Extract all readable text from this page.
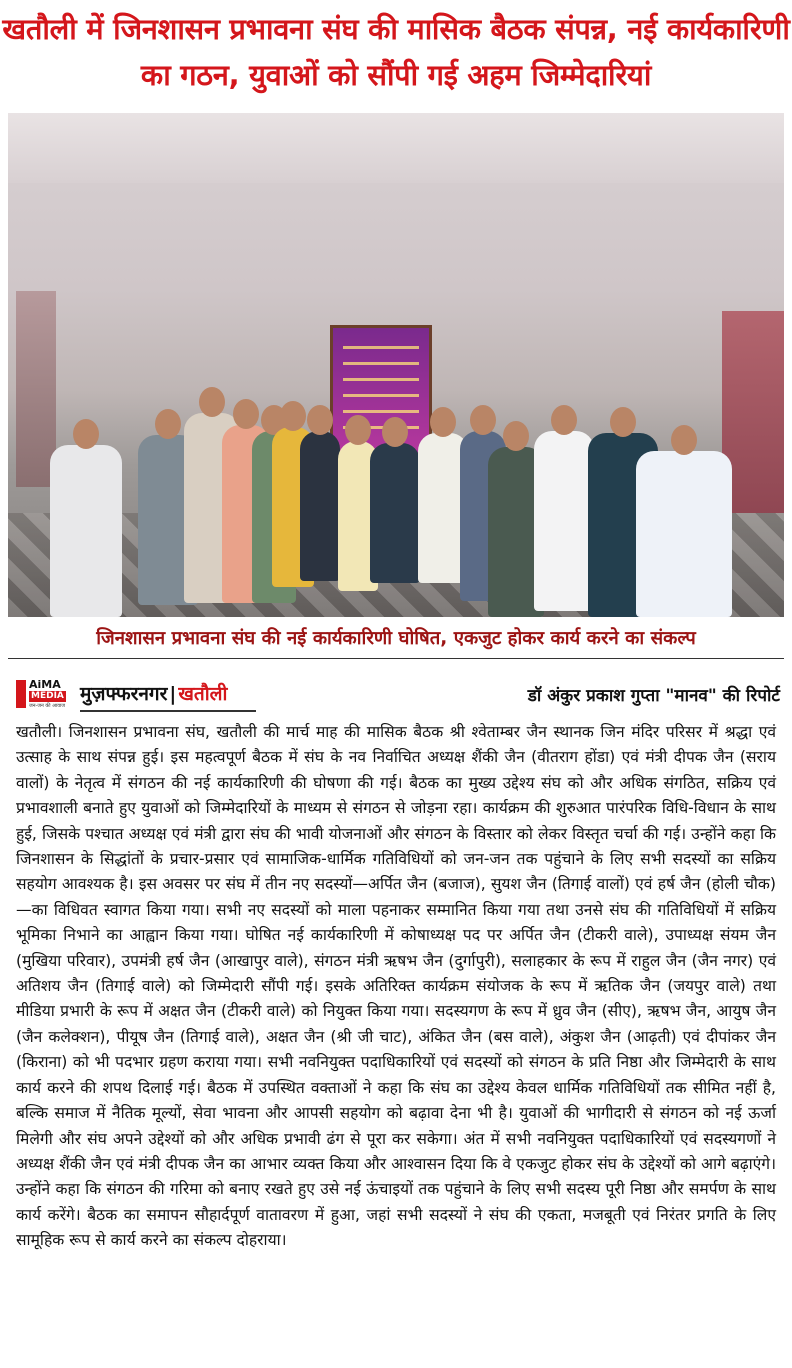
खतौली में जिनशासन प्रभावना संघ की मासिक बैठक संपन्न, नई कार्यकारिणी का गठन, युवाओं को सौंपी गई अहम जिम्मेदारियां
जिनशासन प्रभावना संघ की नई कार्यकारिणी घोषित, एकजुट होकर कार्य करने का संकल्प
AiMA
MEDIA
जन-जन की आवाज
मुज़फ्फरनगर | खतौली	डॉ अंकुर प्रकाश गुप्ता "मानव" की रिपोर्ट
खतौली। जिनशासन प्रभावना संघ, खतौली की मार्च माह की मासिक बैठक श्री श्वेताम्बर जैन स्थानक जिन मंदिर परिसर में श्रद्धा एवं उत्साह के साथ संपन्न हुई। इस महत्वपूर्ण बैठक में संघ के नव निर्वाचित अध्यक्ष शैंकी जैन (वीतराग होंडा) एवं मंत्री दीपक जैन (सराय वालों) के नेतृत्व में संगठन की नई कार्यकारिणी की घोषणा की गई। बैठक का मुख्य उद्देश्य संघ को और अधिक संगठित, सक्रिय एवं प्रभावशाली बनाते हुए युवाओं को जिम्मेदारियों के माध्यम से संगठन से जोड़ना रहा। कार्यक्रम की शुरुआत पारंपरिक विधि-विधान के साथ हुई, जिसके पश्चात अध्यक्ष एवं मंत्री द्वारा संघ की भावी योजनाओं और संगठन के विस्तार को लेकर विस्तृत चर्चा की गई। उन्होंने कहा कि जिनशासन के सिद्धांतों के प्रचार-प्रसार एवं सामाजिक-धार्मिक गतिविधियों को जन-जन तक पहुंचाने के लिए सभी सदस्यों का सक्रिय सहयोग आवश्यक है। इस अवसर पर संघ में तीन नए सदस्यों—अर्पित जैन (बजाज), सुयश जैन (तिगाई वालों) एवं हर्ष जैन (होली चौक)—का विधिवत स्वागत किया गया। सभी नए सदस्यों को माला पहनाकर सम्मानित किया गया तथा उनसे संघ की गतिविधियों में सक्रिय भूमिका निभाने का आह्वान किया गया। घोषित नई कार्यकारिणी में कोषाध्यक्ष पद पर अर्पित जैन (टीकरी वाले), उपाध्यक्ष संयम जैन (मुखिया परिवार), उपमंत्री हर्ष जैन (आखापुर वाले), संगठन मंत्री ऋषभ जैन (दुर्गापुरी), सलाहकार के रूप में राहुल जैन (जैन नगर) एवं अतिशय जैन (तिगाई वाले) को जिम्मेदारी सौंपी गई। इसके अतिरिक्त कार्यक्रम संयोजक के रूप में ऋतिक जैन (जयपुर वाले) तथा मीडिया प्रभारी के रूप में अक्षत जैन (टीकरी वाले) को नियुक्त किया गया। सदस्यगण के रूप में ध्रुव जैन (सीए), ऋषभ जैन, आयुष जैन (जैन कलेक्शन), पीयूष जैन (तिगाई वाले), अक्षत जैन (श्री जी चाट), अंकित जैन (बस वाले), अंकुश जैन (आढ़ती) एवं दीपांकर जैन (किराना) को भी पदभार ग्रहण कराया गया। सभी नवनियुक्त पदाधिकारियों एवं सदस्यों को संगठन के प्रति निष्ठा और जिम्मेदारी के साथ कार्य करने की शपथ दिलाई गई। बैठक में उपस्थित वक्ताओं ने कहा कि संघ का उद्देश्य केवल धार्मिक गतिविधियों तक सीमित नहीं है, बल्कि समाज में नैतिक मूल्यों, सेवा भावना और आपसी सहयोग को बढ़ावा देना भी है। युवाओं की भागीदारी से संगठन को नई ऊर्जा मिलेगी और संघ अपने उद्देश्यों को और अधिक प्रभावी ढंग से पूरा कर सकेगा। अंत में सभी नवनियुक्त पदाधिकारियों एवं सदस्यगणों ने अध्यक्ष शैंकी जैन एवं मंत्री दीपक जैन का आभार व्यक्त किया और आश्वासन दिया कि वे एकजुट होकर संघ के उद्देश्यों को आगे बढ़ाएंगे। उन्होंने कहा कि संगठन की गरिमा को बनाए रखते हुए उसे नई ऊंचाइयों तक पहुंचाने के लिए सभी सदस्य पूरी निष्ठा और समर्पण के साथ कार्य करेंगे। बैठक का समापन सौहार्दपूर्ण वातावरण में हुआ, जहां सभी सदस्यों ने संघ की एकता, मजबूती एवं निरंतर प्रगति के लिए सामूहिक रूप से कार्य करने का संकल्प दोहराया।
